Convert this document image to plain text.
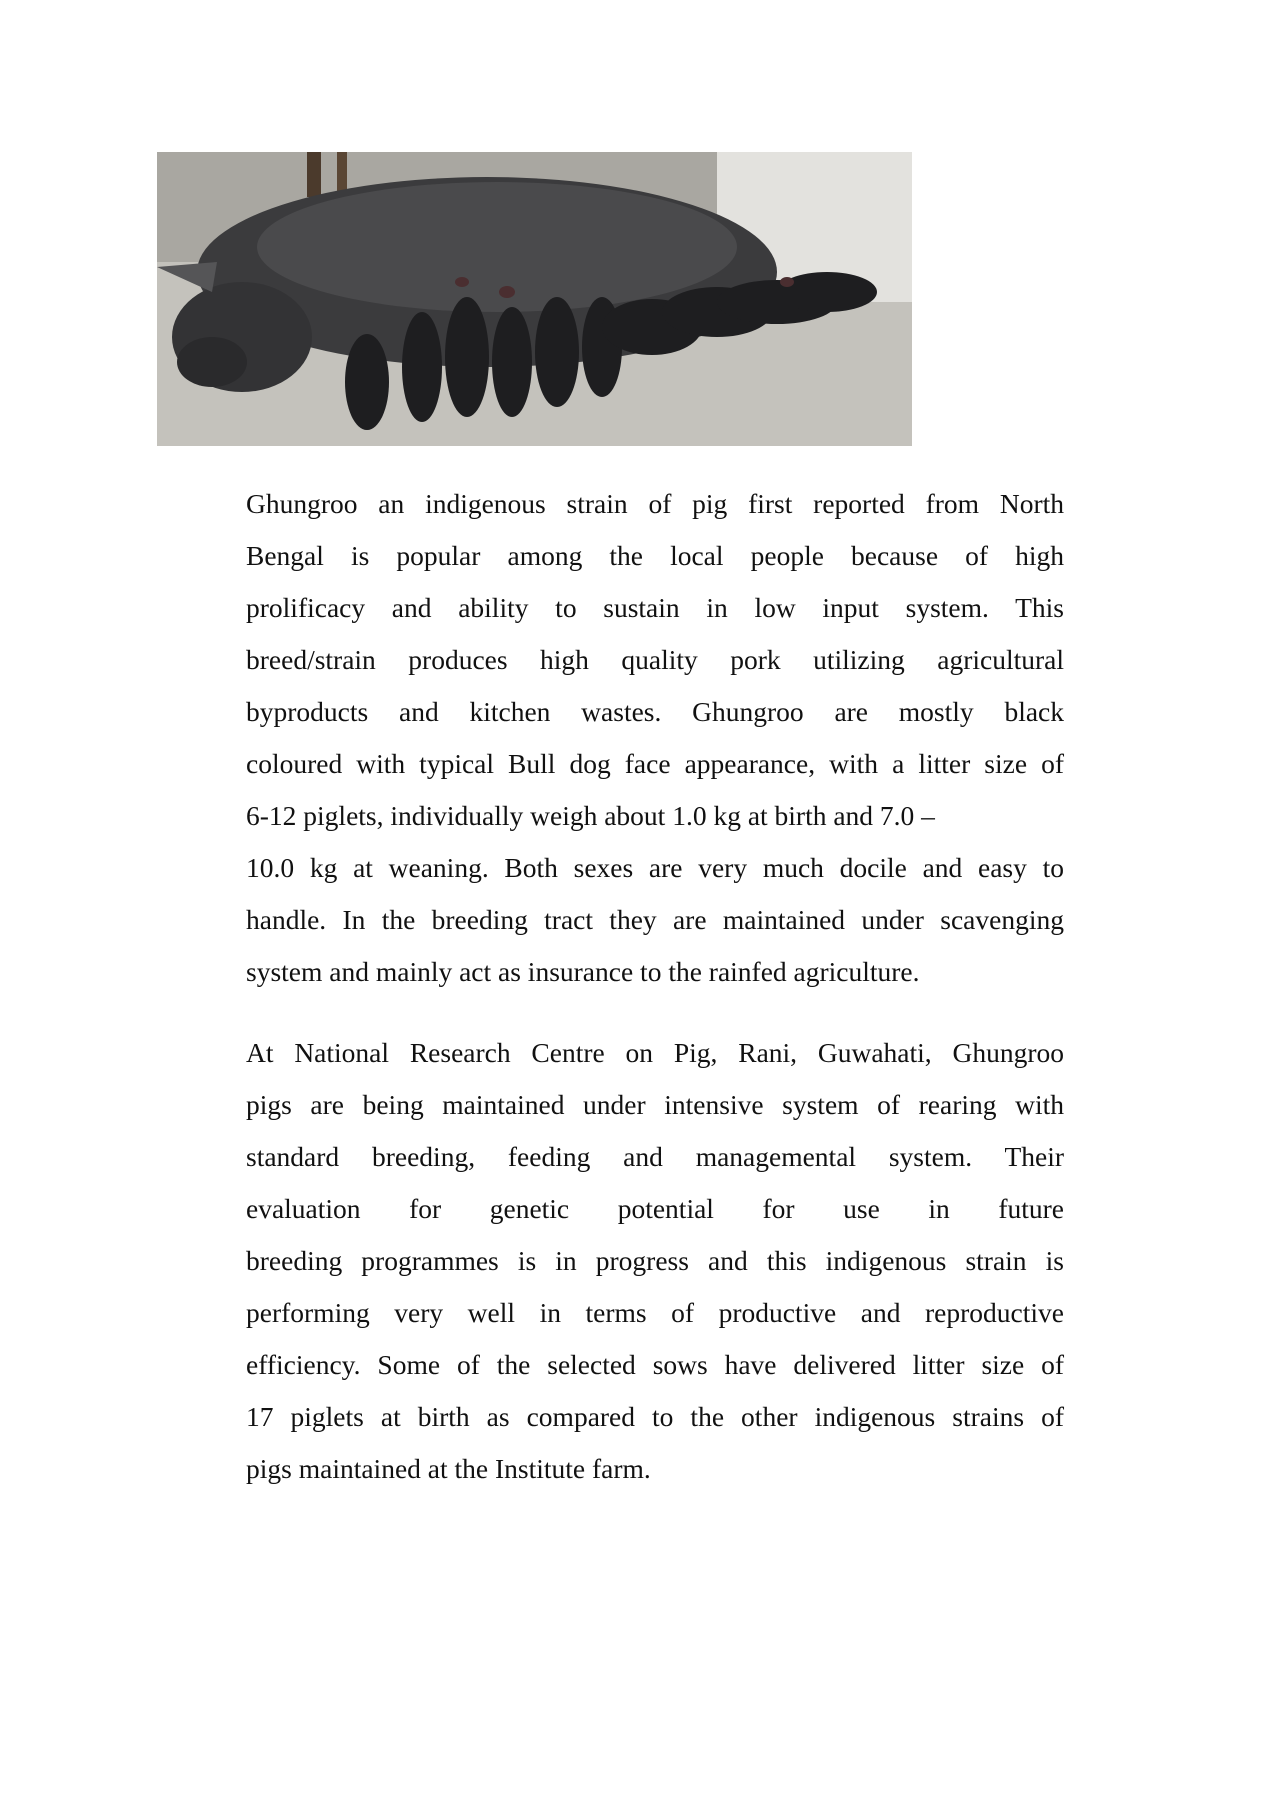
Ghungroo an indigenous strain of pig first reported from North
Bengal is popular among the local people because of high
prolificacy and ability to sustain in low input system. This
breed/strain produces high quality pork utilizing agricultural
byproducts and kitchen wastes. Ghungroo are mostly black
coloured with typical Bull dog face appearance, with a litter size of
6-12 piglets, individually weigh about 1.0 kg at birth and 7.0 –
10.0 kg at weaning. Both sexes are very much docile and easy to
handle. In the breeding tract they are maintained under scavenging
system and mainly act as insurance to the rainfed agriculture.
At National Research Centre on Pig, Rani, Guwahati, Ghungroo
pigs are being maintained under intensive system of rearing with
standard breeding, feeding and managemental system. Their
evaluation for genetic potential for use in future
breeding programmes is in progress and this indigenous strain is
performing very well in terms of productive and reproductive
efficiency. Some of the selected sows have delivered litter size of
17 piglets at birth as compared to the other indigenous strains of
pigs maintained at the Institute farm.
